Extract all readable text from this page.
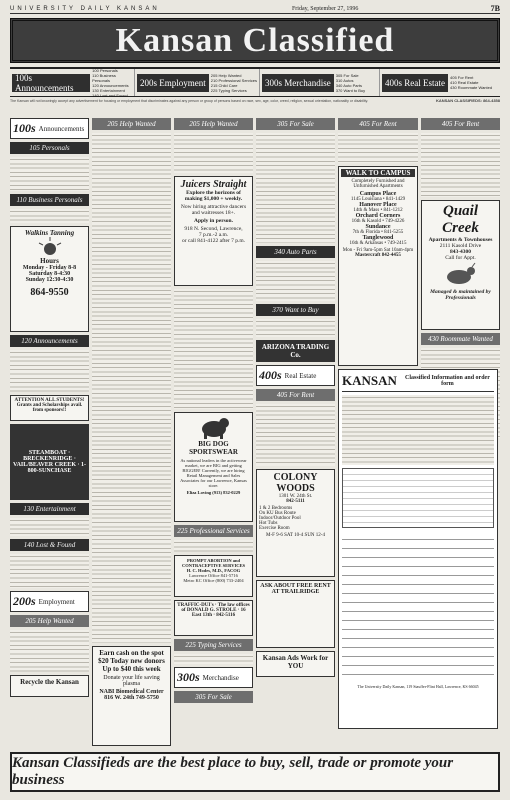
UNIVERSITY DAILY KANSAN	Friday, September 27, 1996	7B
Kansan Classified
100s Announcements
100 Personals
110 Business Personals
120 Announcements
130 Entertainment
140 Lost and Found
200s Employment
205 Help Wanted
210 Professional Services
215 Child Care
225 Typing Services
300s Merchandise
305 For Sale
310 Autos
340 Auto Parts
370 Want to Buy
400s Real Estate	405 For Rent
410 Real Estate
430 Roommate Wanted
The Kansan will not knowingly accept any advertisement for housing or employment that discriminates against any person or group of persons based on race, sex, age, color, creed, religion, sexual orientation, nationality or disability.	KANSAN CLASSIFIEDS: 864-4358
100s Announcements
105 Personals
110 Business Personals
Walkins Tanning
Hours
Monday - Friday 8-8
Saturday 8-4:30
Sunday 12:30-4:30
864-9550
120 Announcements
ATTENTION ALL STUDENTS! Grants and Scholarships avail. from sponsors!!
STEAMBOAT · BRECKENRIDGE · VAIL/BEAVER CREEK · 1-800-SUNCHASE
130 Entertainment
140 Lost & Found
200s Employment
205 Help Wanted
Recycle the Kansan
205 Help Wanted
Earn cash on the spot
$20 Today new donors
Up to $40 this week
Donate your life saving plasma
NABI Biomedical Center
816 W. 24th 749-5750
205 Help Wanted
Juicers Straight
Explore the horizons of making $1,000 + weekly.
Now hiring attractive dancers and waitresses 18+.
Apply in person.
918 N. Second, Lawrence,
7 p.m.-2 a.m.
or call 841-4122 after 7 p.m.
BIG DOG SPORTSWEAR
As national leaders in the activewear market, we are BIG and getting BIGGER! Currently, we are hiring Retail Management and Sales Associates for our Lawrence, Kansas store.
Eliza Loving (913) 832-0229
225 Professional Services
PROMPT ABORTION and CONTRACEPTIVE SERVICES
H. C. Hodes, M.D., FACOG
Lawrence Office 841-5716
Metro KC Office (800) 733-2404
TRAFFIC-DUI's · The law offices of DONALD G. STROLE · 16 East 13th · 842-5116
225 Typing Services
300s Merchandise
305 For Sale
305 For Sale
340 Auto Parts
370 Want to Buy
ARIZONA TRADING Co.
400s Real Estate
405 For Rent
COLONY WOODS
1301 W. 24th St.
842-5111
1 & 2 Bedrooms
On KU Bus Route
Indoor/Outdoor Pool
Hot Tubs
Exercise Room
M-F 9-6 SAT 10-4 SUN 12-4
ASK ABOUT FREE RENT AT TRAILRIDGE
Kansan Ads Work for YOU
405 For Rent
WALK TO CAMPUS
Completely Furnished and Unfurnished Apartments
Campus Place
1145 Louisiana • 841-1429
Hanover Place
14th & Mass • 841-1212
Orchard Corners
16th & Kasold • 749-4226
Sundance
7th & Florida • 841-5255
Tanglewood
16th & Arkansas • 749-2415
Mon - Fri 9am-5pm Sat 10am-4pm
Mastercraft 842-4455
KANSAN	Classified Information and order form
The University Daily Kansan, 119 Stauffer-Flint Hall, Lawrence, KS 66045
405 For Rent
Quail Creek
Apartments & Townhouses
2111 Kasold Drive
843-4300
Call for Appt.
Managed & maintained by Professionals
430 Roommate Wanted
Kansan Classifieds are the best place to buy, sell, trade or promote your business
